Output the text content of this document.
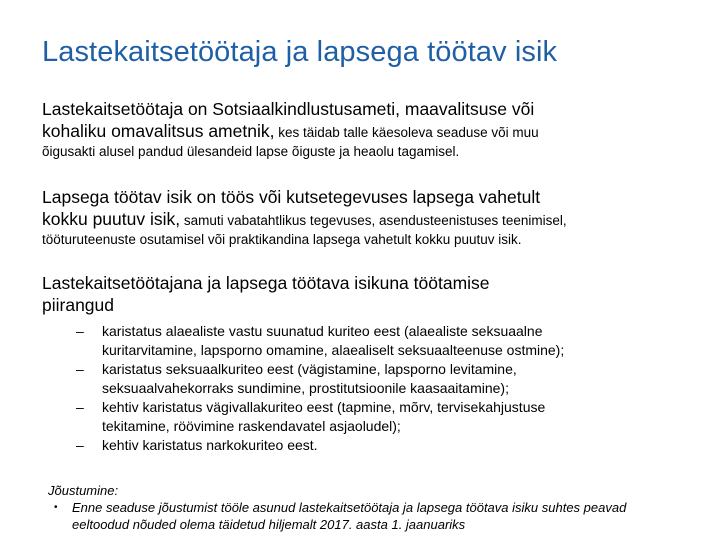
Lastekaitsetöötaja ja lapsega töötav isik
Lastekaitsetöötaja on Sotsiaalkindlustusameti, maavalitsuse või
kohaliku omavalitsus ametnik, kes täidab talle käesoleva seaduse või muu
õigusakti alusel pandud ülesandeid lapse õiguste ja heaolu tagamisel.
Lapsega töötav isik on töös või kutsetegevuses lapsega vahetult
kokku puutuv isik, samuti vabatahtlikus tegevuses, asendusteenistuses teenimisel,
tööturuteenuste osutamisel või praktikandina lapsega vahetult kokku puutuv isik.
Lastekaitsetöötajana ja lapsega töötava isikuna töötamise
piirangud
– karistatus alaealiste vastu suunatud kuriteo eest (alaealiste seksuaalne
kuritarvitamine, lapsporno omamine, alaealiselt seksuaalteenuse ostmine);
– karistatus seksuaalkuriteo eest (vägistamine, lapsporno levitamine,
seksuaalvahekorraks sundimine, prostitutsioonile kaasaaitamine);
– kehtiv karistatus vägivallakuriteo eest (tapmine, mõrv, tervisekahjustuse
tekitamine, röövimine raskendavatel asjaoludel);
– kehtiv karistatus narkokuriteo eest.
Jõustumine:
• Enne seaduse jõustumist tööle asunud lastekaitsetöötaja ja lapsega töötava isiku suhtes peavad
eeltoodud nõuded olema täidetud hiljemalt 2017. aasta 1. jaanuariks
